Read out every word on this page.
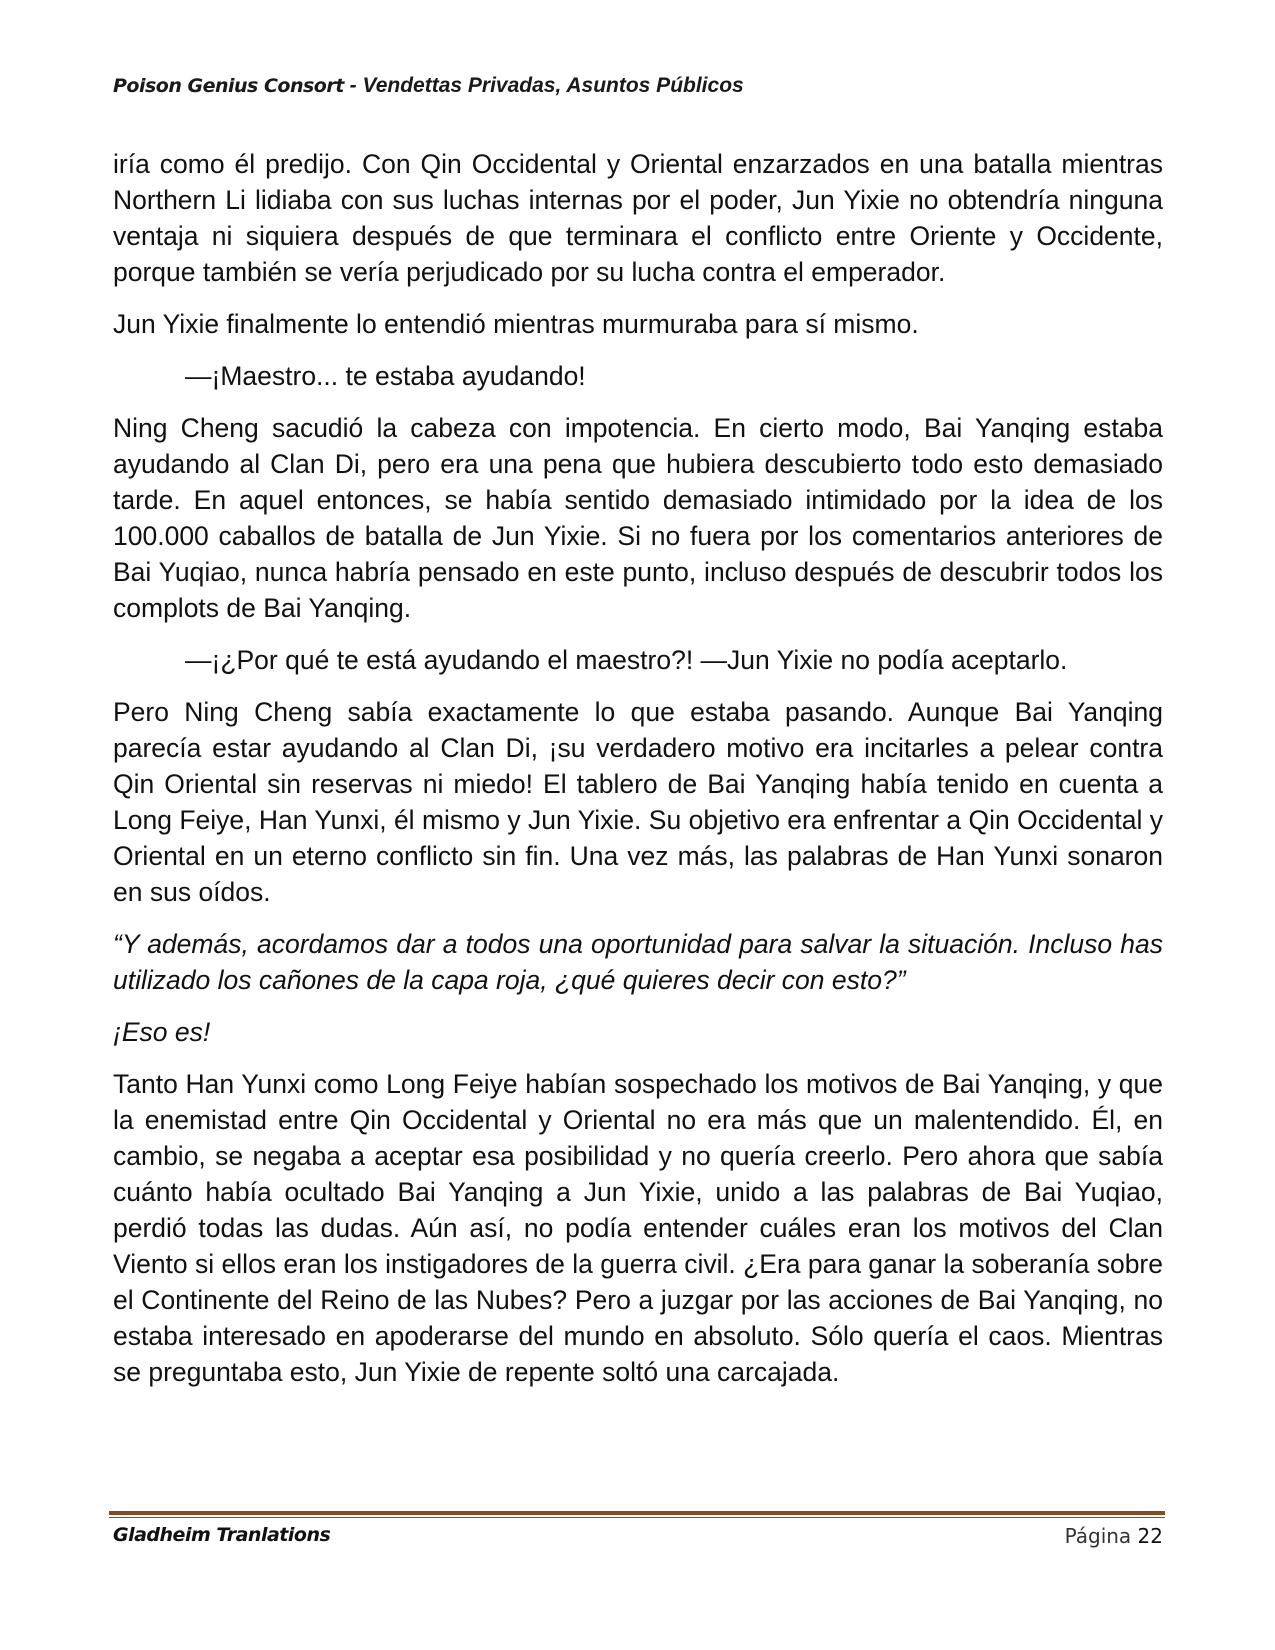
Poison Genius Consort - Vendettas Privadas, Asuntos Públicos

iría como él predijo. Con Qin Occidental y Oriental enzarzados en una batalla mientras Northern Li lidiaba con sus luchas internas por el poder, Jun Yixie no obtendría ninguna ventaja ni siquiera después de que terminara el conflicto entre Oriente y Occidente, porque también se vería perjudicado por su lucha contra el emperador.

Jun Yixie finalmente lo entendió mientras murmuraba para sí mismo.

—¡Maestro... te estaba ayudando!

Ning Cheng sacudió la cabeza con impotencia. En cierto modo, Bai Yanqing estaba ayudando al Clan Di, pero era una pena que hubiera descubierto todo esto demasiado tarde. En aquel entonces, se había sentido demasiado intimidado por la idea de los 100.000 caballos de batalla de Jun Yixie. Si no fuera por los comentarios anteriores de Bai Yuqiao, nunca habría pensado en este punto, incluso después de descubrir todos los complots de Bai Yanqing.

—¡¿Por qué te está ayudando el maestro?! —Jun Yixie no podía aceptarlo.

Pero Ning Cheng sabía exactamente lo que estaba pasando. Aunque Bai Yanqing parecía estar ayudando al Clan Di, ¡su verdadero motivo era incitarles a pelear contra Qin Oriental sin reservas ni miedo! El tablero de Bai Yanqing había tenido en cuenta a Long Feiye, Han Yunxi, él mismo y Jun Yixie. Su objetivo era enfrentar a Qin Occidental y Oriental en un eterno conflicto sin fin. Una vez más, las palabras de Han Yunxi sonaron en sus oídos.

“Y además, acordamos dar a todos una oportunidad para salvar la situación. Incluso has utilizado los cañones de la capa roja, ¿qué quieres decir con esto?”

¡Eso es!

Tanto Han Yunxi como Long Feiye habían sospechado los motivos de Bai Yanqing, y que la enemistad entre Qin Occidental y Oriental no era más que un malentendido. Él, en cambio, se negaba a aceptar esa posibilidad y no quería creerlo. Pero ahora que sabía cuánto había ocultado Bai Yanqing a Jun Yixie, unido a las palabras de Bai Yuqiao, perdió todas las dudas. Aún así, no podía entender cuáles eran los motivos del Clan Viento si ellos eran los instigadores de la guerra civil. ¿Era para ganar la soberanía sobre el Continente del Reino de las Nubes? Pero a juzgar por las acciones de Bai Yanqing, no estaba interesado en apoderarse del mundo en absoluto. Sólo quería el caos. Mientras se preguntaba esto, Jun Yixie de repente soltó una carcajada.

Gladheim Tranlations	Página 22
